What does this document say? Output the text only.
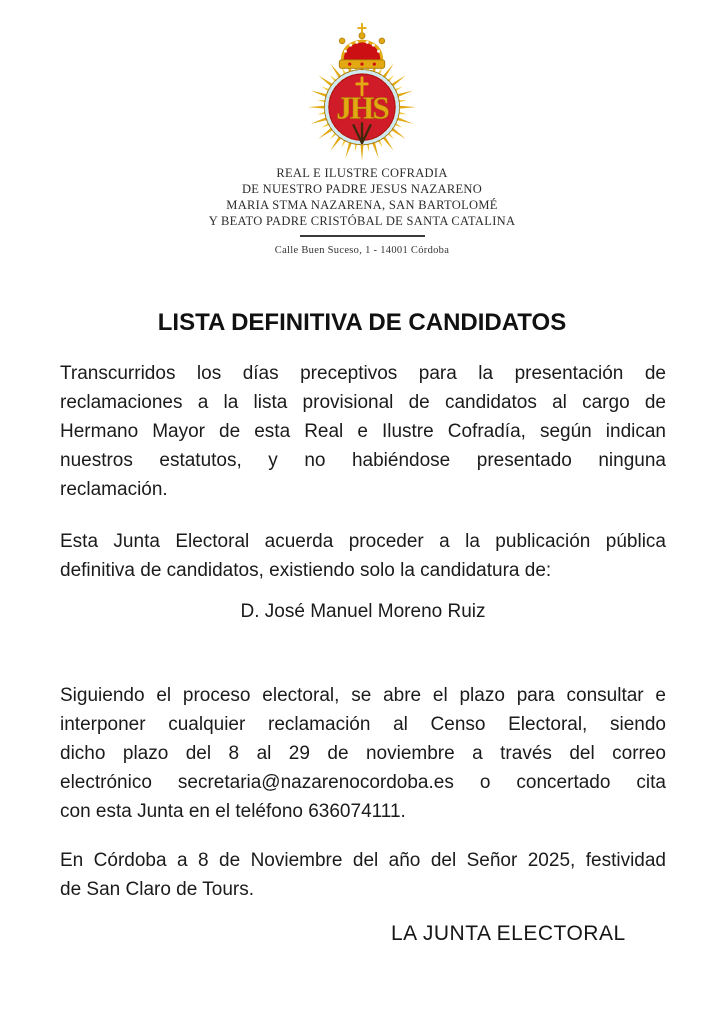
JHS
REAL E ILUSTRE COFRADIA
DE NUESTRO PADRE JESUS NAZARENO
MARIA STMA NAZARENA, SAN BARTOLOMÉ
Y BEATO PADRE CRISTÓBAL DE SANTA CATALINA
Calle Buen Suceso, 1 - 14001 Córdoba
LISTA DEFINITIVA DE CANDIDATOS
Transcurridos los días preceptivos para la presentación de
reclamaciones a la lista provisional de candidatos al cargo de
Hermano Mayor de esta Real e Ilustre Cofradía, según indican
nuestros estatutos, y no habiéndose presentado ninguna
reclamación.
Esta Junta Electoral acuerda proceder a la publicación pública
definitiva de candidatos, existiendo solo la candidatura de:
D. José Manuel Moreno Ruiz
Siguiendo el proceso electoral, se abre el plazo para consultar e
interponer cualquier reclamación al Censo Electoral, siendo
dicho plazo del 8 al 29 de noviembre a través del correo
electrónico secretaria@nazarenocordoba.es o concertado cita
con esta Junta en el teléfono 636074111.
En Córdoba a 8 de Noviembre del año del Señor 2025, festividad
de San Claro de Tours.
LA JUNTA ELECTORAL
